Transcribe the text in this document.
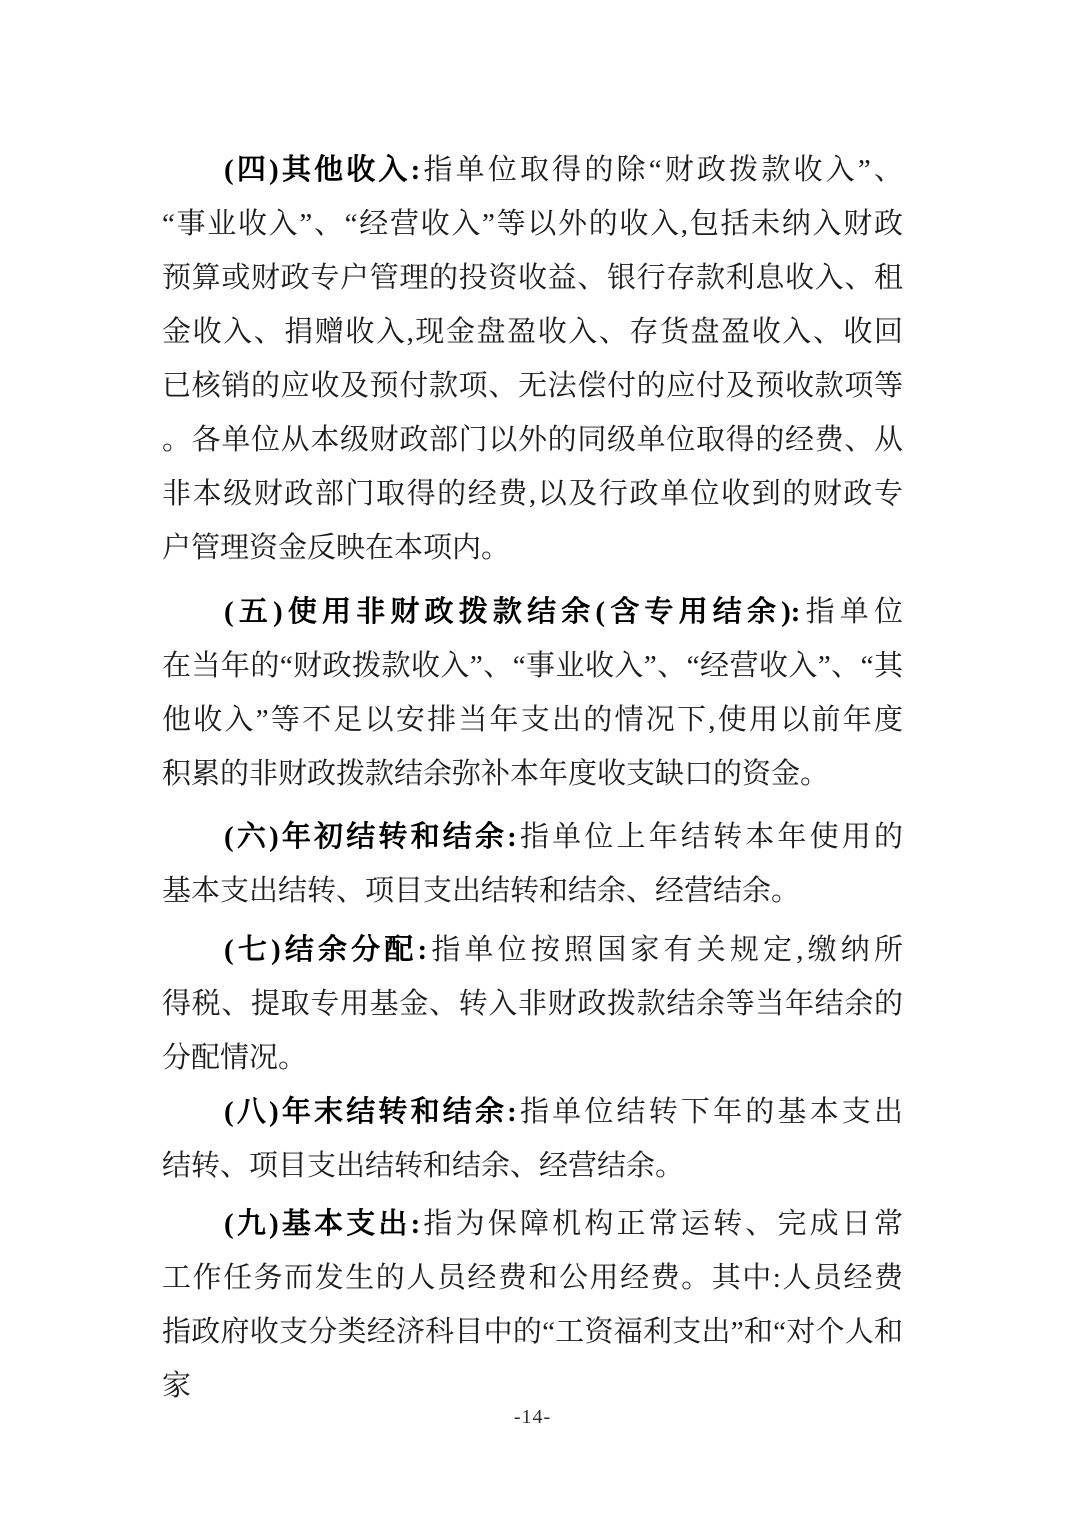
(四)其他收入:指单位取得的除“财政拨款收入”、
“事业收入”、“经营收入”等以外的收入,包括未纳入财政
预算或财政专户管理的投资收益、银行存款利息收入、租
金收入、捐赠收入,现金盘盈收入、存货盘盈收入、收回
已核销的应收及预付款项、无法偿付的应付及预收款项等
。各单位从本级财政部门以外的同级单位取得的经费、从
非本级财政部门取得的经费,以及行政单位收到的财政专
户管理资金反映在本项内。
(五)使用非财政拨款结余(含专用结余):指单位
在当年的“财政拨款收入”、“事业收入”、“经营收入”、“其
他收入”等不足以安排当年支出的情况下,使用以前年度
积累的非财政拨款结余弥补本年度收支缺口的资金。
(六)年初结转和结余:指单位上年结转本年使用的
基本支出结转、项目支出结转和结余、经营结余。
(七)结余分配:指单位按照国家有关规定,缴纳所
得税、提取专用基金、转入非财政拨款结余等当年结余的
分配情况。
(八)年末结转和结余:指单位结转下年的基本支出
结转、项目支出结转和结余、经营结余。
(九)基本支出:指为保障机构正常运转、完成日常
工作任务而发生的人员经费和公用经费。其中:人员经费
指政府收支分类经济科目中的“工资福利支出”和“对个人和
家
-14-
